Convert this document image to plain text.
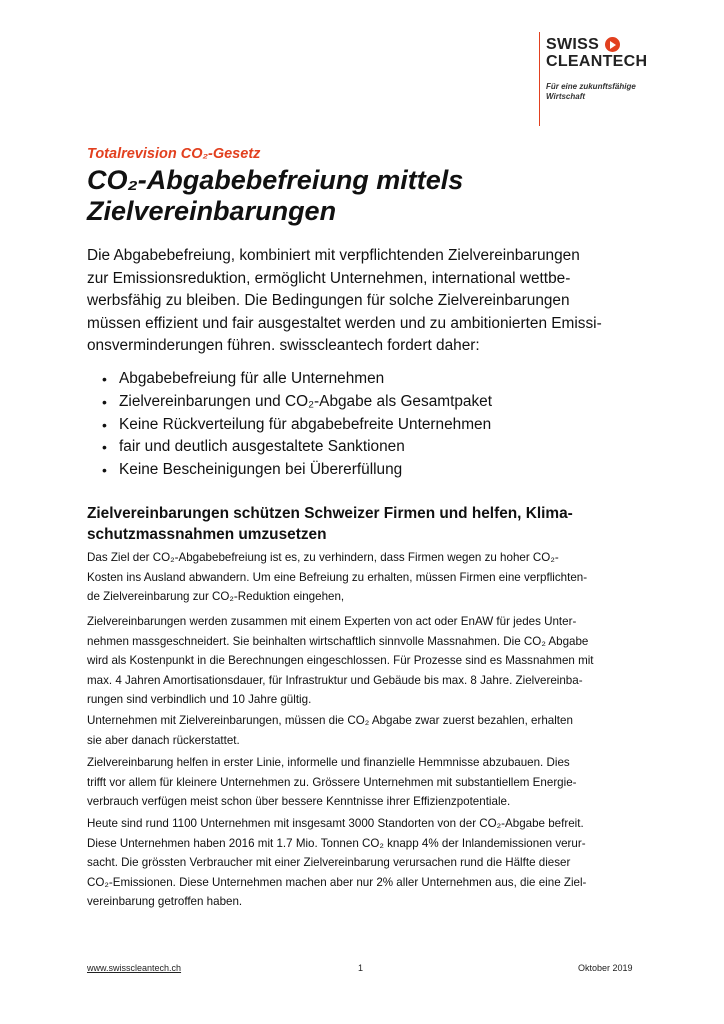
SWISS
CLEANTECH
Für eine zukunftsfähige
Wirtschaft
Totalrevision CO₂-Gesetz
CO₂-Abgabebefreiung mittels
Zielvereinbarungen

Die Abgabebefreiung, kombiniert mit verpflichtenden Zielvereinbarungen
zur Emissionsreduktion, ermöglicht Unternehmen, international wettbe-
werbsfähig zu bleiben. Die Bedingungen für solche Zielvereinbarungen
müssen effizient und fair ausgestaltet werden und zu ambitionierten Emissi-
onsverminderungen führen. swisscleantech fordert daher:

• Abgabebefreiung für alle Unternehmen
• Zielvereinbarungen und CO₂-Abgabe als Gesamtpaket
• Keine Rückverteilung für abgabebefreite Unternehmen
• fair und deutlich ausgestaltete Sanktionen
• Keine Bescheinigungen bei Übererfüllung
Zielvereinbarungen schützen Schweizer Firmen und helfen, Klima-
schutzmassnahmen umzusetzen

Das Ziel der CO₂-Abgabebefreiung ist es, zu verhindern, dass Firmen wegen zu hoher CO₂-
Kosten ins Ausland abwandern. Um eine Befreiung zu erhalten, müssen Firmen eine verpflichten-
de Zielvereinbarung zur CO₂-Reduktion eingehen,

Zielvereinbarungen werden zusammen mit einem Experten von act oder EnAW für jedes Unter-
nehmen massgeschneidert. Sie beinhalten wirtschaftlich sinnvolle Massnahmen. Die CO₂ Abgabe
wird als Kostenpunkt in die Berechnungen eingeschlossen. Für Prozesse sind es Massnahmen mit
max. 4 Jahren Amortisationsdauer, für Infrastruktur und Gebäude bis max. 8 Jahre. Zielvereinba-
rungen sind verbindlich und 10 Jahre gültig.

Unternehmen mit Zielvereinbarungen, müssen die CO₂ Abgabe zwar zuerst bezahlen, erhalten
sie aber danach rückerstattet.

Zielvereinbarung helfen in erster Linie, informelle und finanzielle Hemmnisse abzubauen. Dies
trifft vor allem für kleinere Unternehmen zu. Grössere Unternehmen mit substantiellem Energie-
verbrauch verfügen meist schon über bessere Kenntnisse ihrer Effizienzpotentiale.

Heute sind rund 1100 Unternehmen mit insgesamt 3000 Standorten von der CO₂-Abgabe befreit.
Diese Unternehmen haben 2016 mit 1.7 Mio. Tonnen CO₂ knapp 4% der Inlandemissionen verur-
sacht. Die grössten Verbraucher mit einer Zielvereinbarung verursachen rund die Hälfte dieser
CO₂-Emissionen. Diese Unternehmen machen aber nur 2% aller Unternehmen aus, die eine Ziel-
vereinbarung getroffen haben.

www.swisscleantech.ch	1	Oktober 2019
